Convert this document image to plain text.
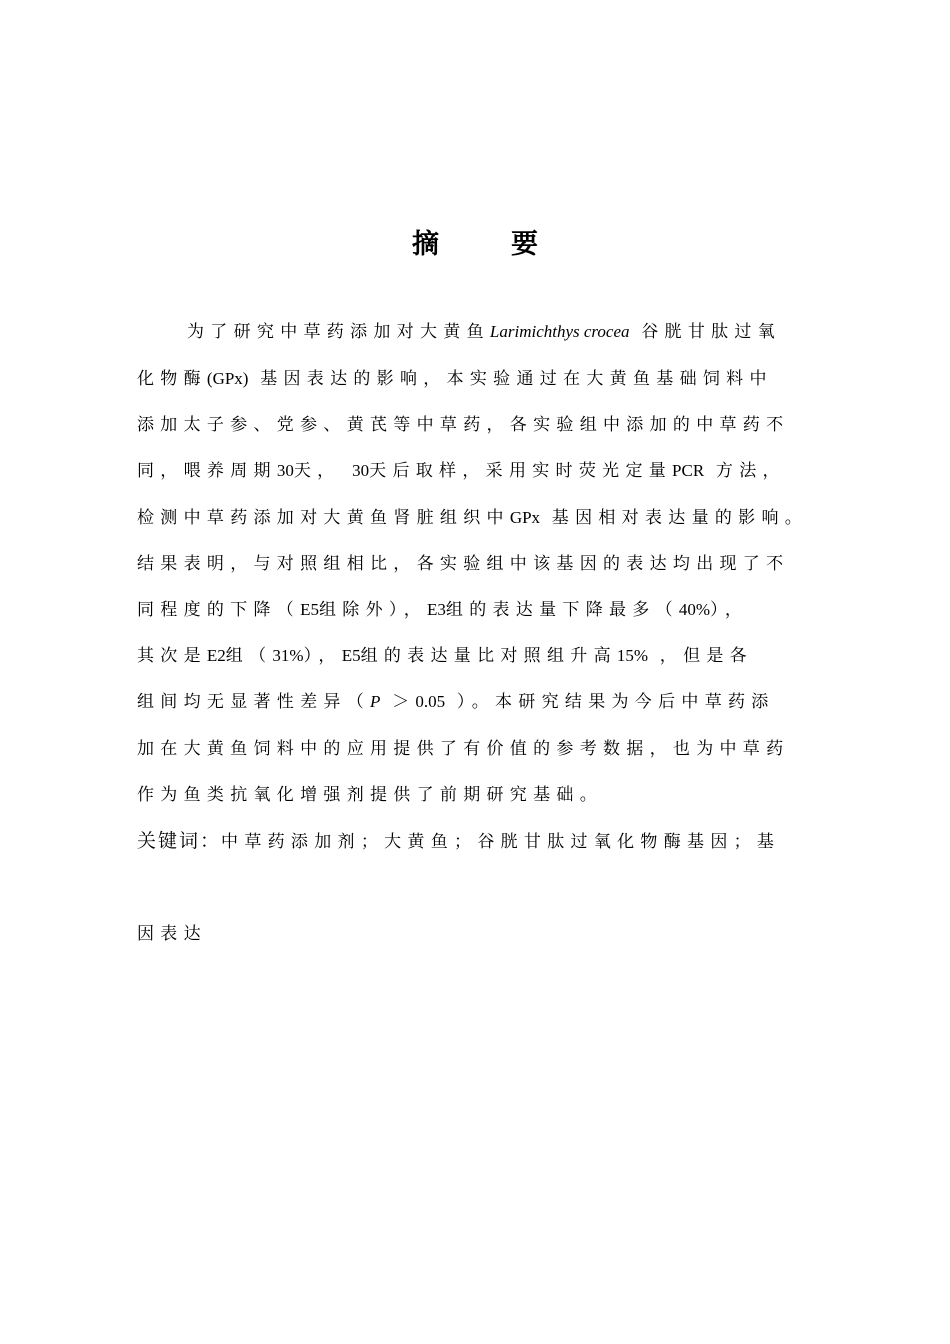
摘	要

为了研究中草药添加对大黄鱼Larimichthys crocea 谷胱甘肽过氧

化物酶(GPx) 基因表达的影响，本实验通过在大黄鱼基础饲料中

添加太子参、党参、黄芪等中草药，各实验组中添加的中草药不

同，喂养周期30天， 30天后取样，采用实时荧光定量PCR 方法，

检测中草药添加对大黄鱼肾脏组织中GPx 基因相对表达量的影响。

结果表明，与对照组相比，各实验组中该基因的表达均出现了不

同程度的下降（E5组除外），E3组的表达量下降最多（40%），

其次是E2组（31%），E5组的表达量比对照组升高15% ，但是各

组间均无显著性差异（P ＞0.05 ）。本研究结果为今后中草药添

加在大黄鱼饲料中的应用提供了有价值的参考数据，也为中草药

作为鱼类抗氧化增强剂提供了前期研究基础。

关键词：中草药添加剂；大黄鱼；谷胱甘肽过氧化物酶基因；基

因表达
